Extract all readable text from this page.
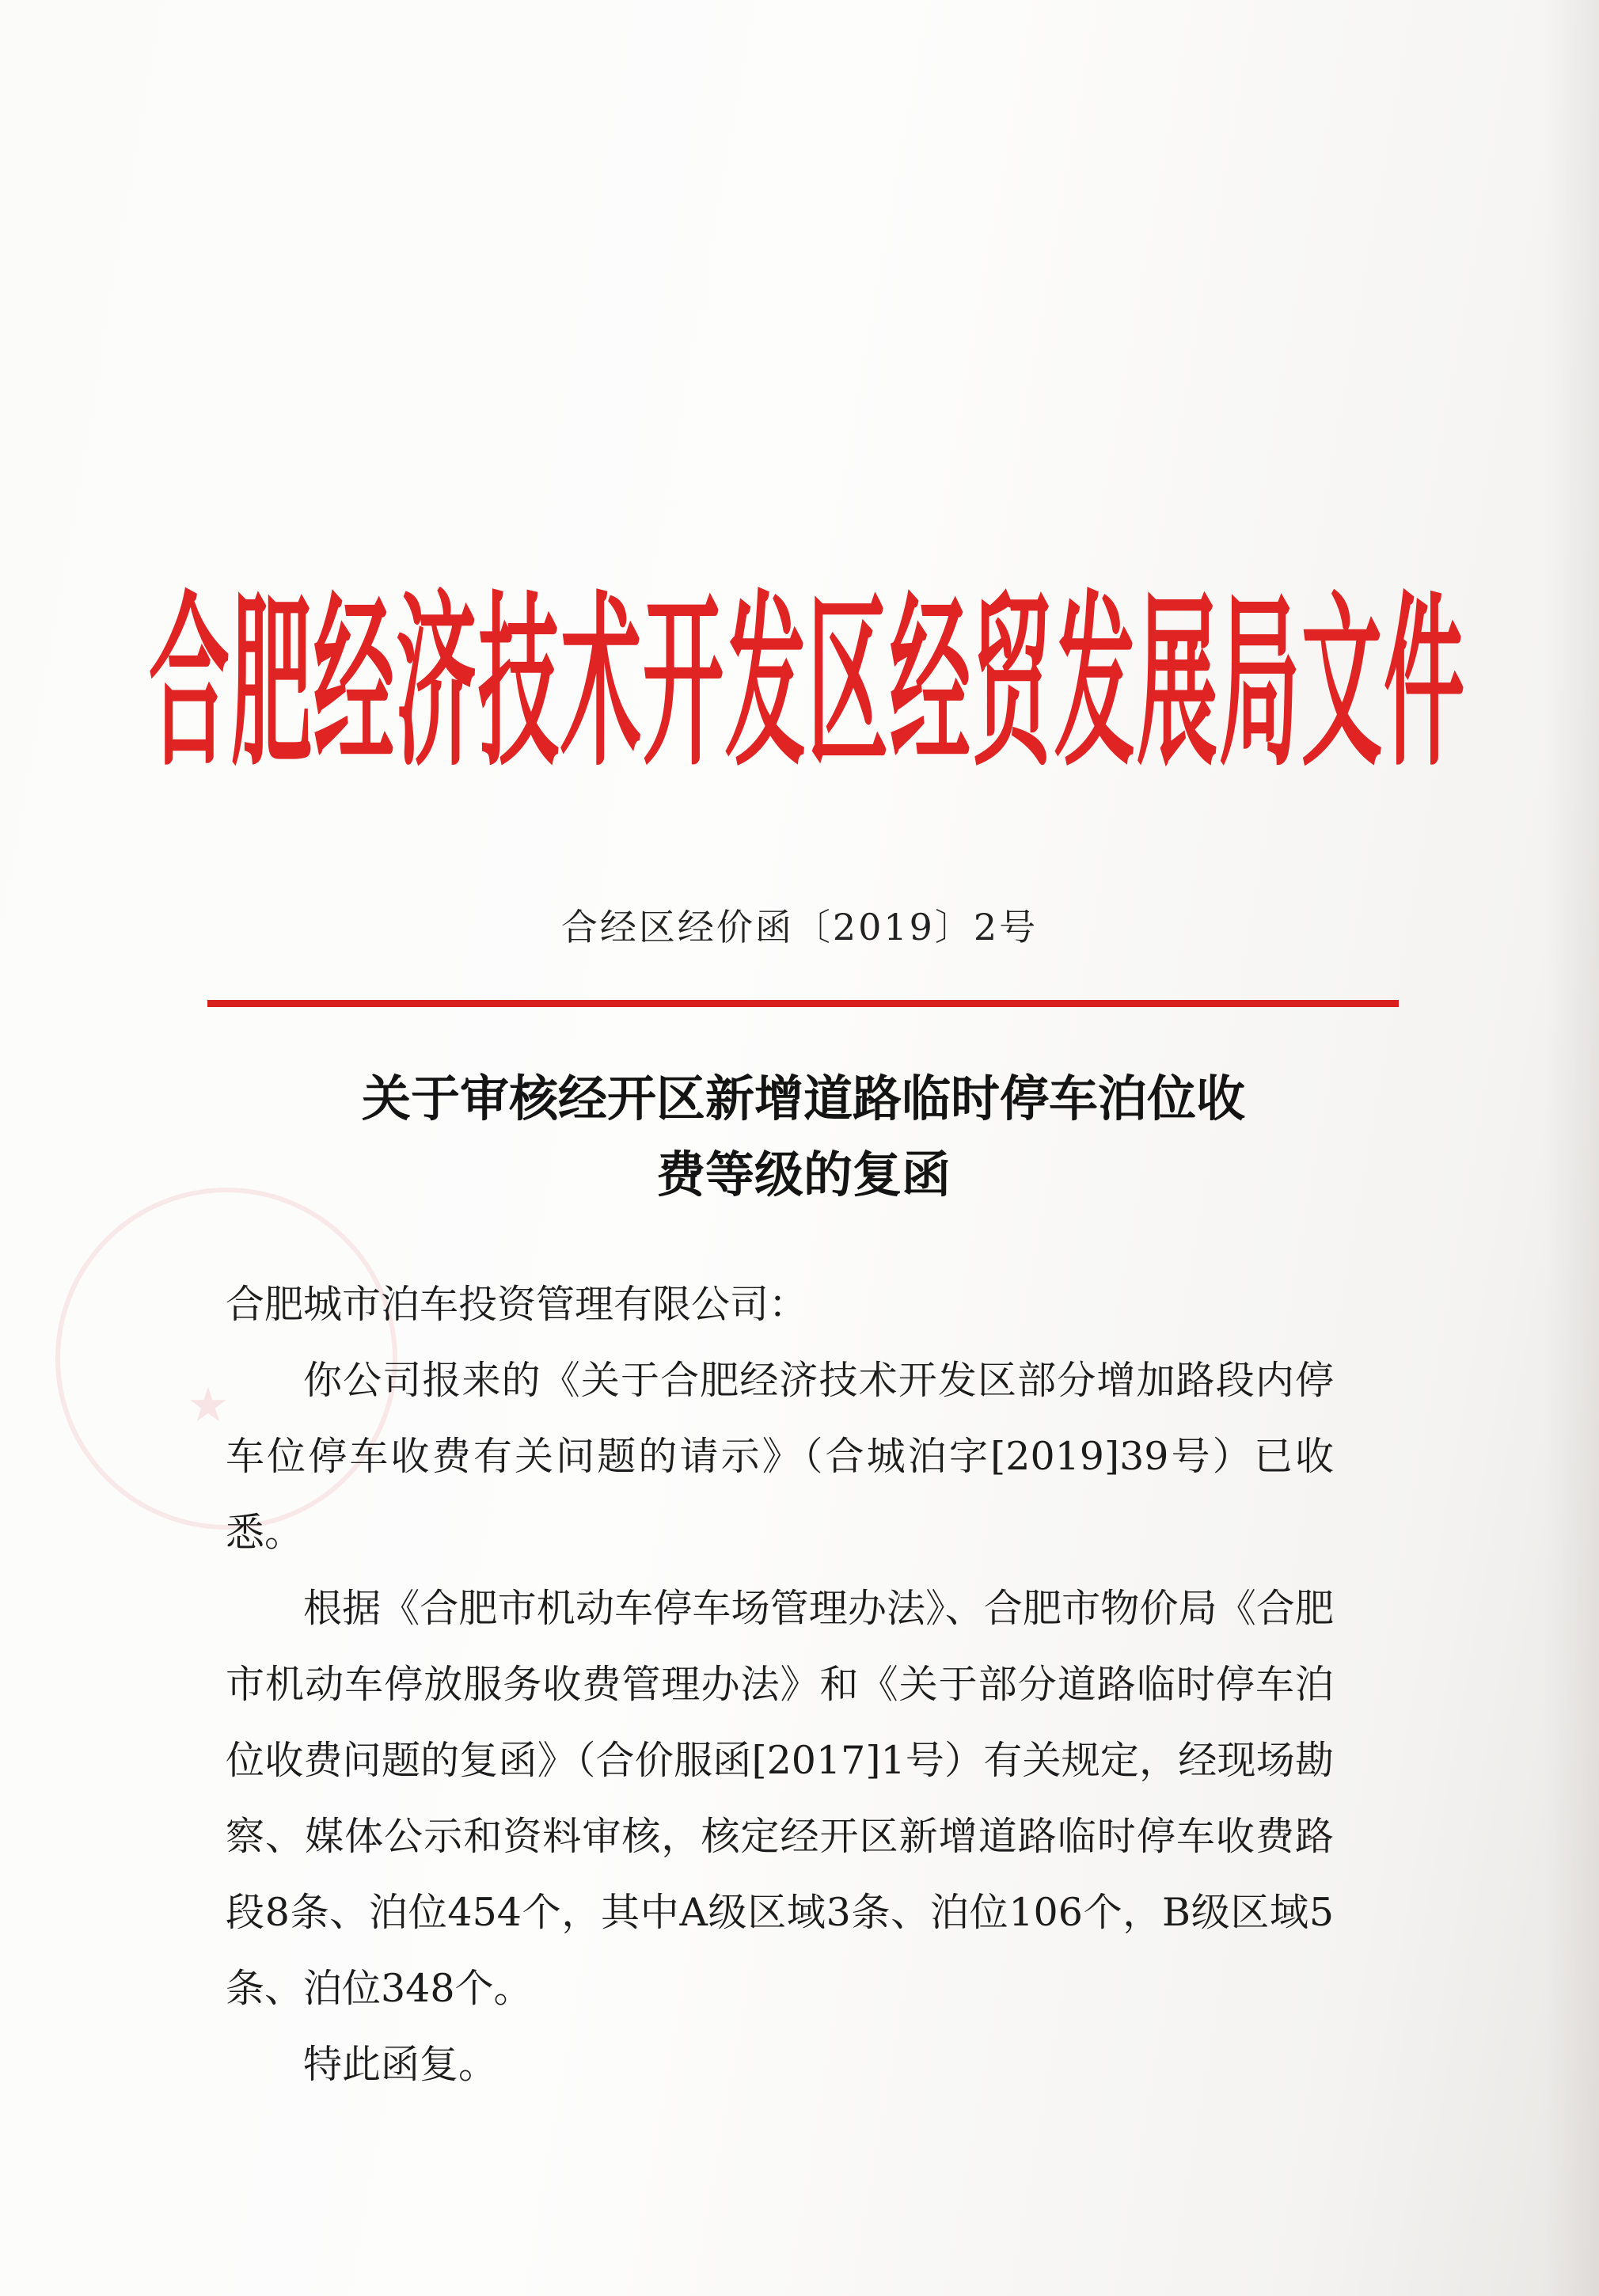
★
合肥经济技术开发区经贸发展局文件
合经区经价函〔2019〕2号
关于审核经开区新增道路临时停车泊位收
费等级的复函

合肥城市泊车投资管理有限公司：

你公司报来的《关于合肥经济技术开发区部分增加路段内停车位停车收费有关问题的请示》（合城泊字[2019]39号）已收悉。

根据《合肥市机动车停车场管理办法》、合肥市物价局《合肥市机动车停放服务收费管理办法》和《关于部分道路临时停车泊位收费问题的复函》（合价服函[2017]1号）有关规定，经现场勘察、媒体公示和资料审核，核定经开区新增道路临时停车收费路段8条、泊位454个，其中A级区域3条、泊位106个，B级区域5条、泊位348个。

特此函复。
